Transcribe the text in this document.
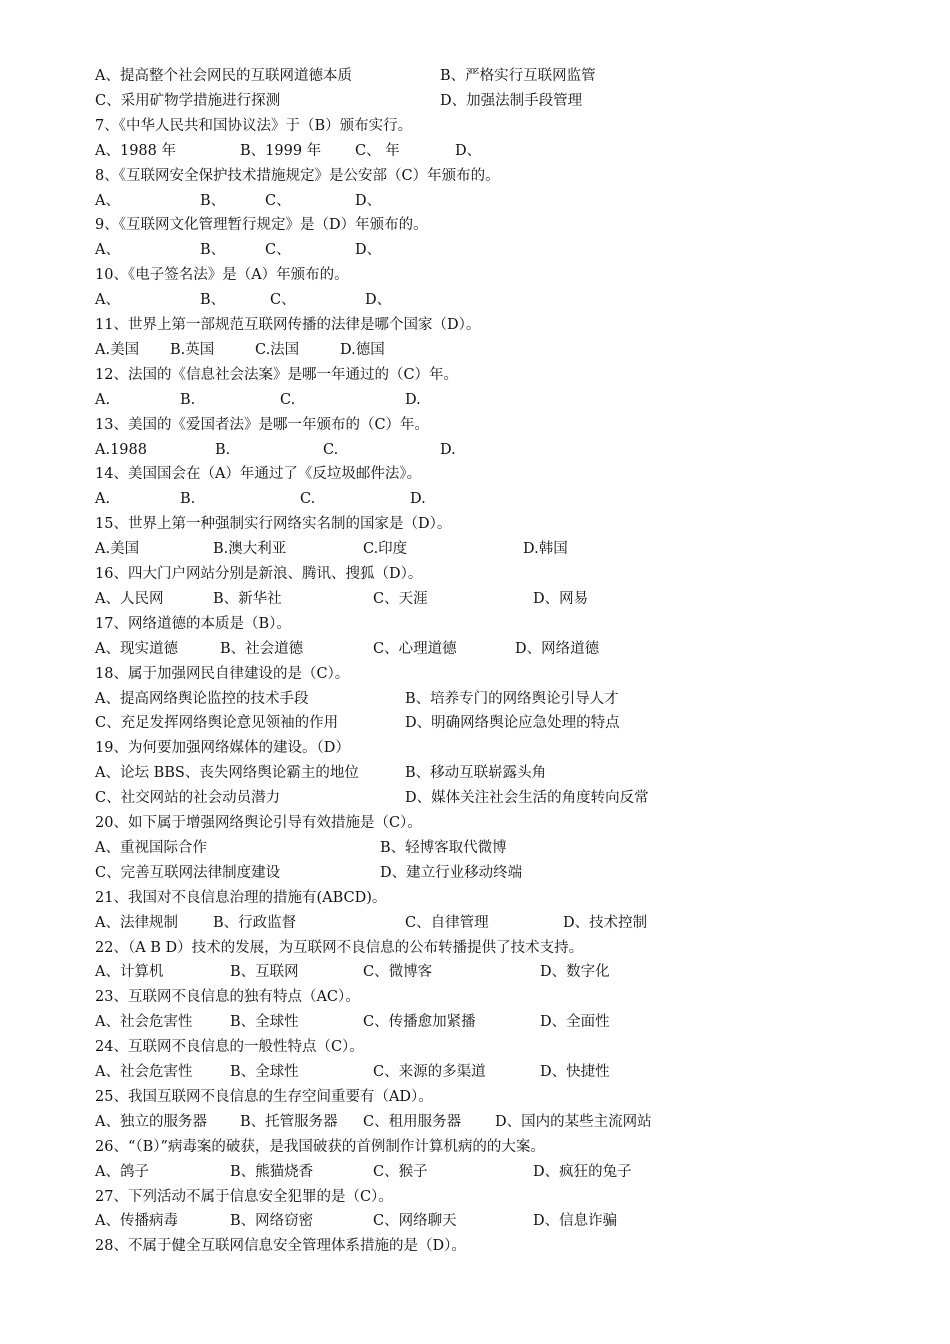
A、提高整个社会网民的互联网道德本质	B、严格实行互联网监管
C、采用矿物学措施进行探测	D、加强法制手段管理
7、《中华人民共和国协议法》于（B）颁布实行。
A、1988 年	B、1999 年 C、 年	D、
8、《互联网安全保护技术措施规定》是公安部（C）年颁布的。
A、	B、	C、	D、
9、《互联网文化管理暂行规定》是（D）年颁布的。
A、	B、	C、	D、
10、《电子签名法》是（A）年颁布的。
A、	B、	C、	D、
11、世界上第一部规范互联网传播的法律是哪个国家（D）。
A.美国 B.英国	C.法国	D.德国
12、法国的《信息社会法案》是哪一年通过的（C）年。
A.	B.	C.	D.
13、美国的《爱国者法》是哪一年颁布的（C）年。
A.1988	B.	C.	D.
14、美国国会在（A）年通过了《反垃圾邮件法》。
A.	B.	C.	D.
15、世界上第一种强制实行网络实名制的国家是（D）。
A.美国	B.澳大利亚	C.印度	D.韩国
16、四大门户网站分别是新浪、腾讯、搜狐（D）。
A、人民网	B、新华社	C、天涯	D、网易
17、网络道德的本质是（B）。
A、现实道德	B、社会道德	C、心理道德	D、网络道德
18、属于加强网民自律建设的是（C）。
A、提高网络舆论监控的技术手段	B、培养专门的网络舆论引导人才
C、充足发挥网络舆论意见领袖的作用	D、明确网络舆论应急处理的特点
19、为何要加强网络媒体的建设。（D）
A、论坛 BBS、丧失网络舆论霸主的地位	B、移动互联崭露头角
C、社交网站的社会动员潜力	D、媒体关注社会生活的角度转向反常
20、如下属于增强网络舆论引导有效措施是（C）。
A、重视国际合作	B、轻博客取代微博
C、完善互联网法律制度建设	D、建立行业移动终端
21、我国对不良信息治理的措施有(ABCD)。
A、法律规制 B、行政监督	C、自律管理	D、技术控制
22、（A B D）技术的发展，为互联网不良信息的公布转播提供了技术支持。
A、计算机	B、互联网	C、微博客	D、数字化
23、互联网不良信息的独有特点（AC）。
A、社会危害性	B、全球性	C、传播愈加紧播	D、全面性
24、互联网不良信息的一般性特点（C）。
A、社会危害性	B、全球性	C、来源的多渠道	D、快捷性
25、我国互联网不良信息的生存空间重要有（AD）。
A、独立的服务器 B、托管服务器 C、租用服务器 D、国内的某些主流网站
26、“（B）”病毒案的破获，是我国破获的首例制作计算机病的的大案。
A、鸽子	B、熊猫烧香	C、猴子	D、疯狂的兔子
27、下列活动不属于信息安全犯罪的是（C）。
A、传播病毒	B、网络窃密	C、网络聊天	D、信息诈骗
28、不属于健全互联网信息安全管理体系措施的是（D）。
